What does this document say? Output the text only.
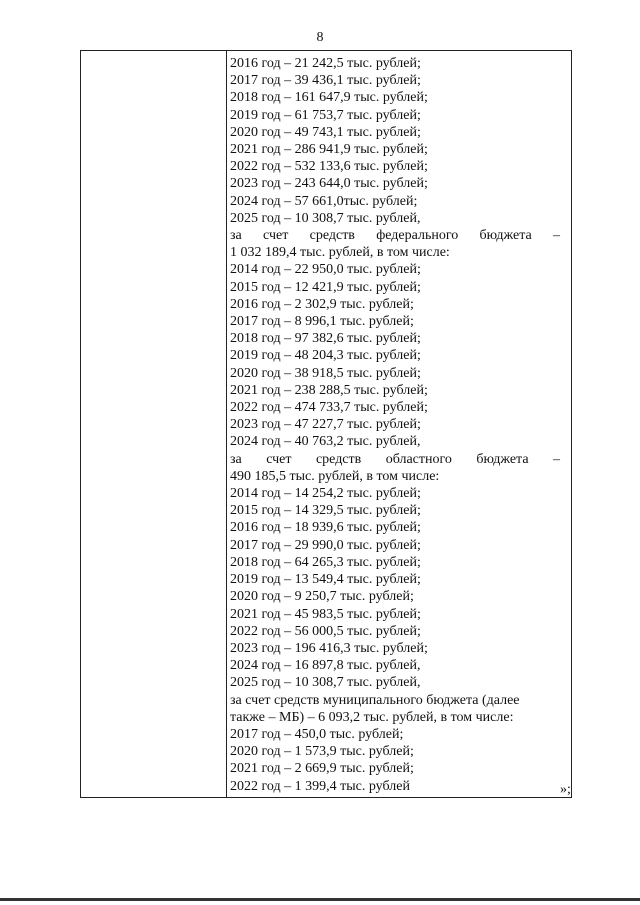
8
2016 год – 21 242,5 тыс. рублей;
2017 год – 39 436,1 тыс. рублей;
2018 год – 161 647,9 тыс. рублей;
2019 год – 61 753,7 тыс. рублей;
2020 год – 49 743,1 тыс. рублей;
2021 год – 286 941,9 тыс. рублей;
2022 год – 532 133,6 тыс. рублей;
2023 год – 243 644,0 тыс. рублей;
2024 год – 57 661,0тыс. рублей;
2025 год – 10 308,7 тыс. рублей,
за счет средств федерального бюджета –
1 032 189,4 тыс. рублей, в том числе:
2014 год – 22 950,0 тыс. рублей;
2015 год – 12 421,9 тыс. рублей;
2016 год – 2 302,9 тыс. рублей;
2017 год – 8 996,1 тыс. рублей;
2018 год – 97 382,6 тыс. рублей;
2019 год – 48 204,3 тыс. рублей;
2020 год – 38 918,5 тыс. рублей;
2021 год – 238 288,5 тыс. рублей;
2022 год – 474 733,7 тыс. рублей;
2023 год – 47 227,7 тыс. рублей;
2024 год – 40 763,2 тыс. рублей,
за счет средств областного бюджета –
490 185,5 тыс. рублей, в том числе:
2014 год – 14 254,2 тыс. рублей;
2015 год – 14 329,5 тыс. рублей;
2016 год – 18 939,6 тыс. рублей;
2017 год – 29 990,0 тыс. рублей;
2018 год – 64 265,3 тыс. рублей;
2019 год – 13 549,4 тыс. рублей;
2020 год – 9 250,7 тыс. рублей;
2021 год – 45 983,5 тыс. рублей;
2022 год – 56 000,5 тыс. рублей;
2023 год – 196 416,3 тыс. рублей;
2024 год – 16 897,8 тыс. рублей,
2025 год – 10 308,7 тыс. рублей,
за счет средств муниципального бюджета (далее
также – МБ) – 6 093,2 тыс. рублей, в том числе:
2017 год – 450,0 тыс. рублей;
2020 год – 1 573,9 тыс. рублей;
2021 год – 2 669,9 тыс. рублей;
2022 год – 1 399,4 тыс. рублей	»;
